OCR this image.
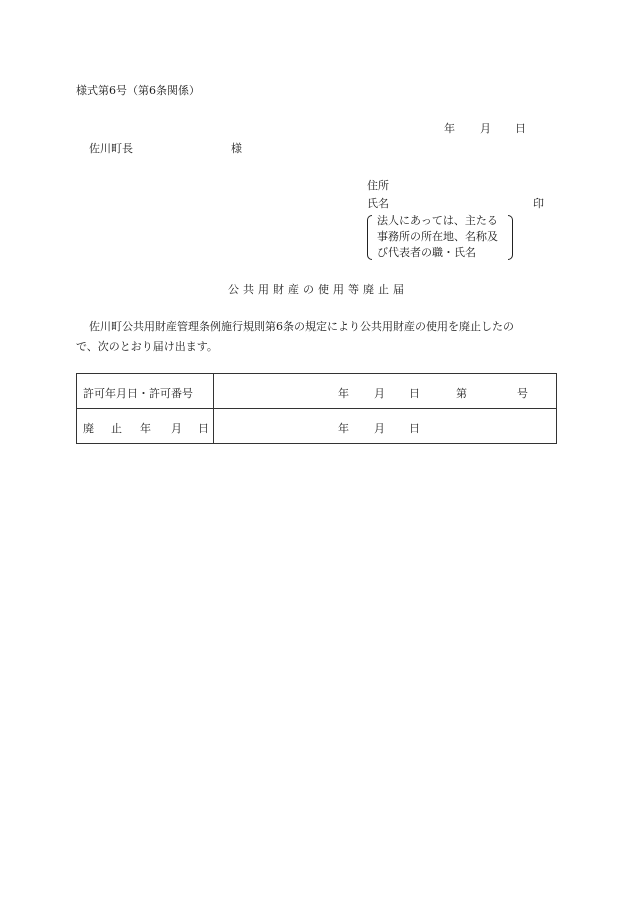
様式第6号（第6条関係）
年 月 日
佐川町長	様
住所
氏名	印
法人にあっては、主たる
事務所の所在地、名称及
び代表者の職・氏名
公共用財産の使用等廃止届
佐川町公共用財産管理条例施行規則第6条の規定により公共用財産の使用を廃止したの
で、次のとおり届け出ます。
許可年月日・許可番号	年 月 日 第 号

廃 止 年 月 日	年 月 日
